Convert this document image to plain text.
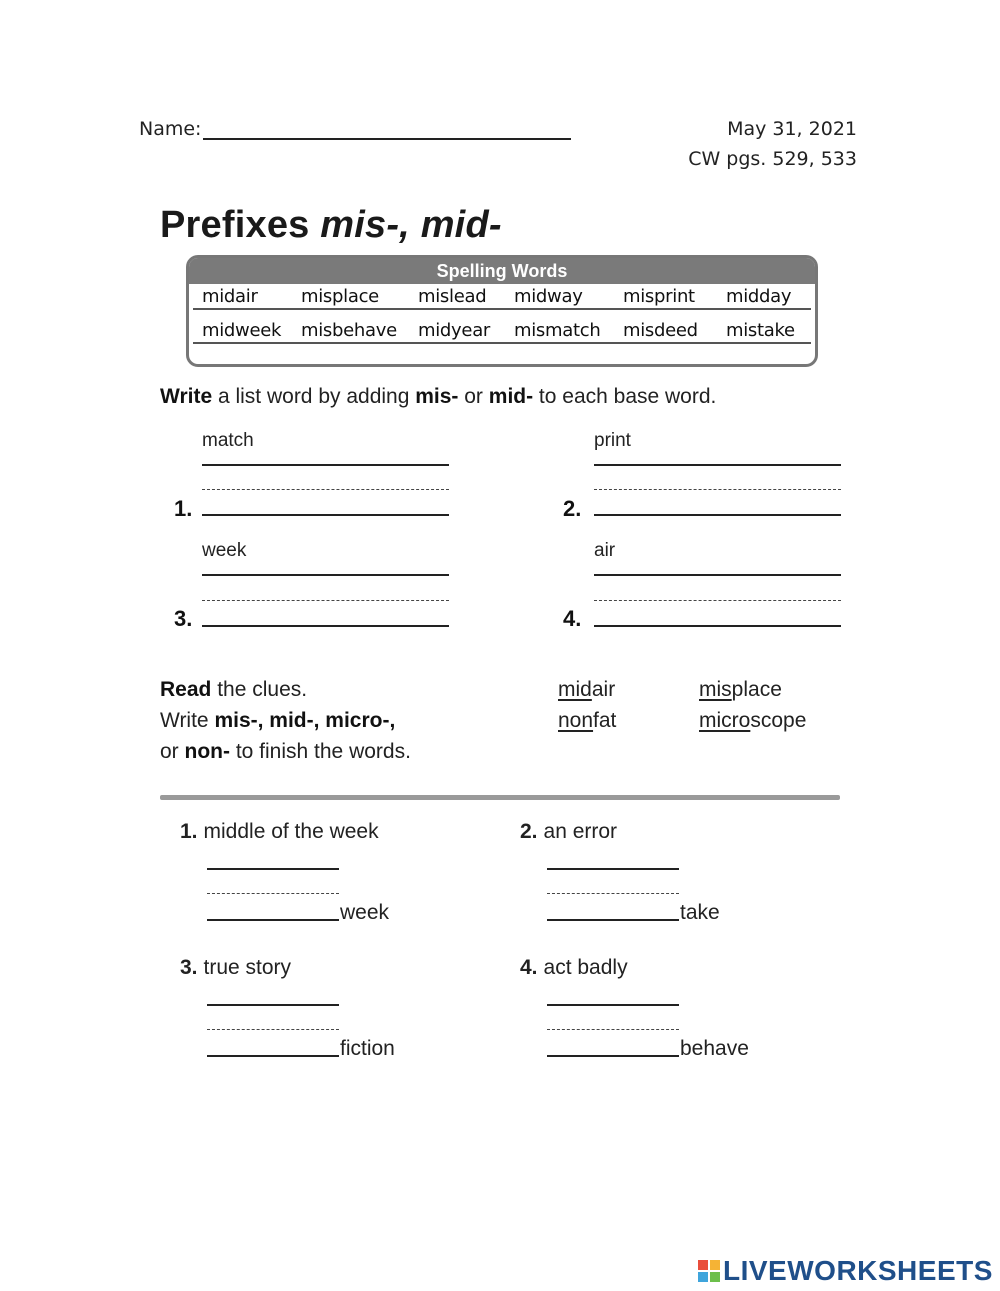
Name:	May 31, 2021
CW pgs. 529, 533
Prefixes mis-, mid-
Spelling Words
midair misplace mislead midway misprint midday
midweek misbehave midyear mismatch misdeed mistake
Write a list word by adding mis- or mid- to each base word.
match
1.
print
2.
week
3.
air
4.
Read the clues.
Write mis-, mid-, micro-,
or non- to finish the words.
midair	misplace
nonfat	microscope
1. middle of the week
week
2. an error
take
3. true story
fiction
4. act badly
behave
LIVEWORKSHEETS
